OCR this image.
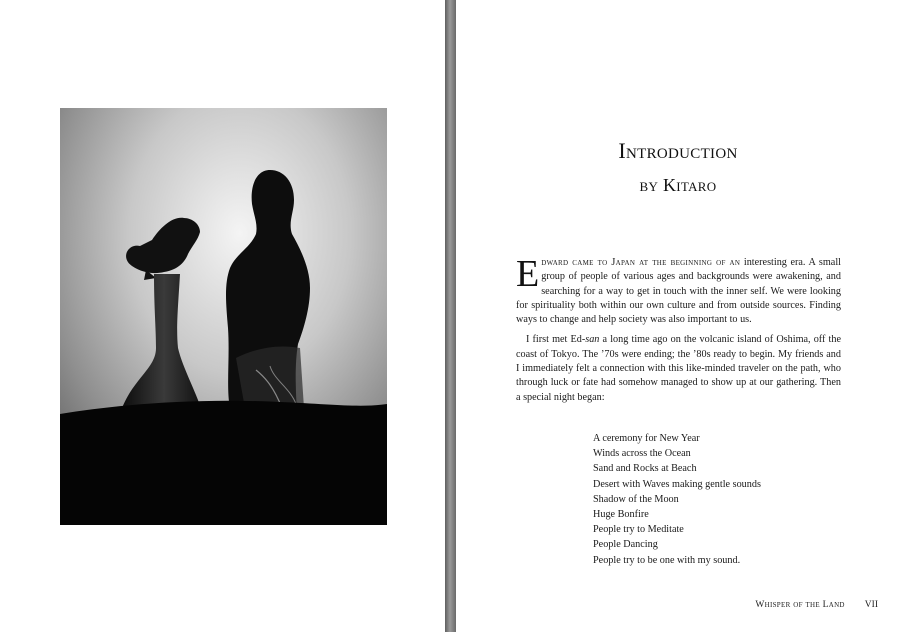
Introduction
by Kitaro

Edward came to Japan at the beginning of an interesting era. A small group of people of various ages and backgrounds were awakening, and searching for a way to get in touch with the inner self. We were looking for spirituality both within our own culture and from outside sources. Finding ways to change and help society was also important to us.

I first met Ed-san a long time ago on the volcanic island of Oshima, off the coast of Tokyo. The ’70s were ending; the ’80s ready to begin. My friends and I immediately felt a connection with this like-minded traveler on the path, who through luck or fate had somehow managed to show up at our gathering. Then a special night began:

A ceremony for New Year
Winds across the Ocean
Sand and Rocks at Beach
Desert with Waves making gentle sounds
Shadow of the Moon
Huge Bonfire
People try to Meditate
People Dancing
People try to be one with my sound.
Whisper of the Land VII
